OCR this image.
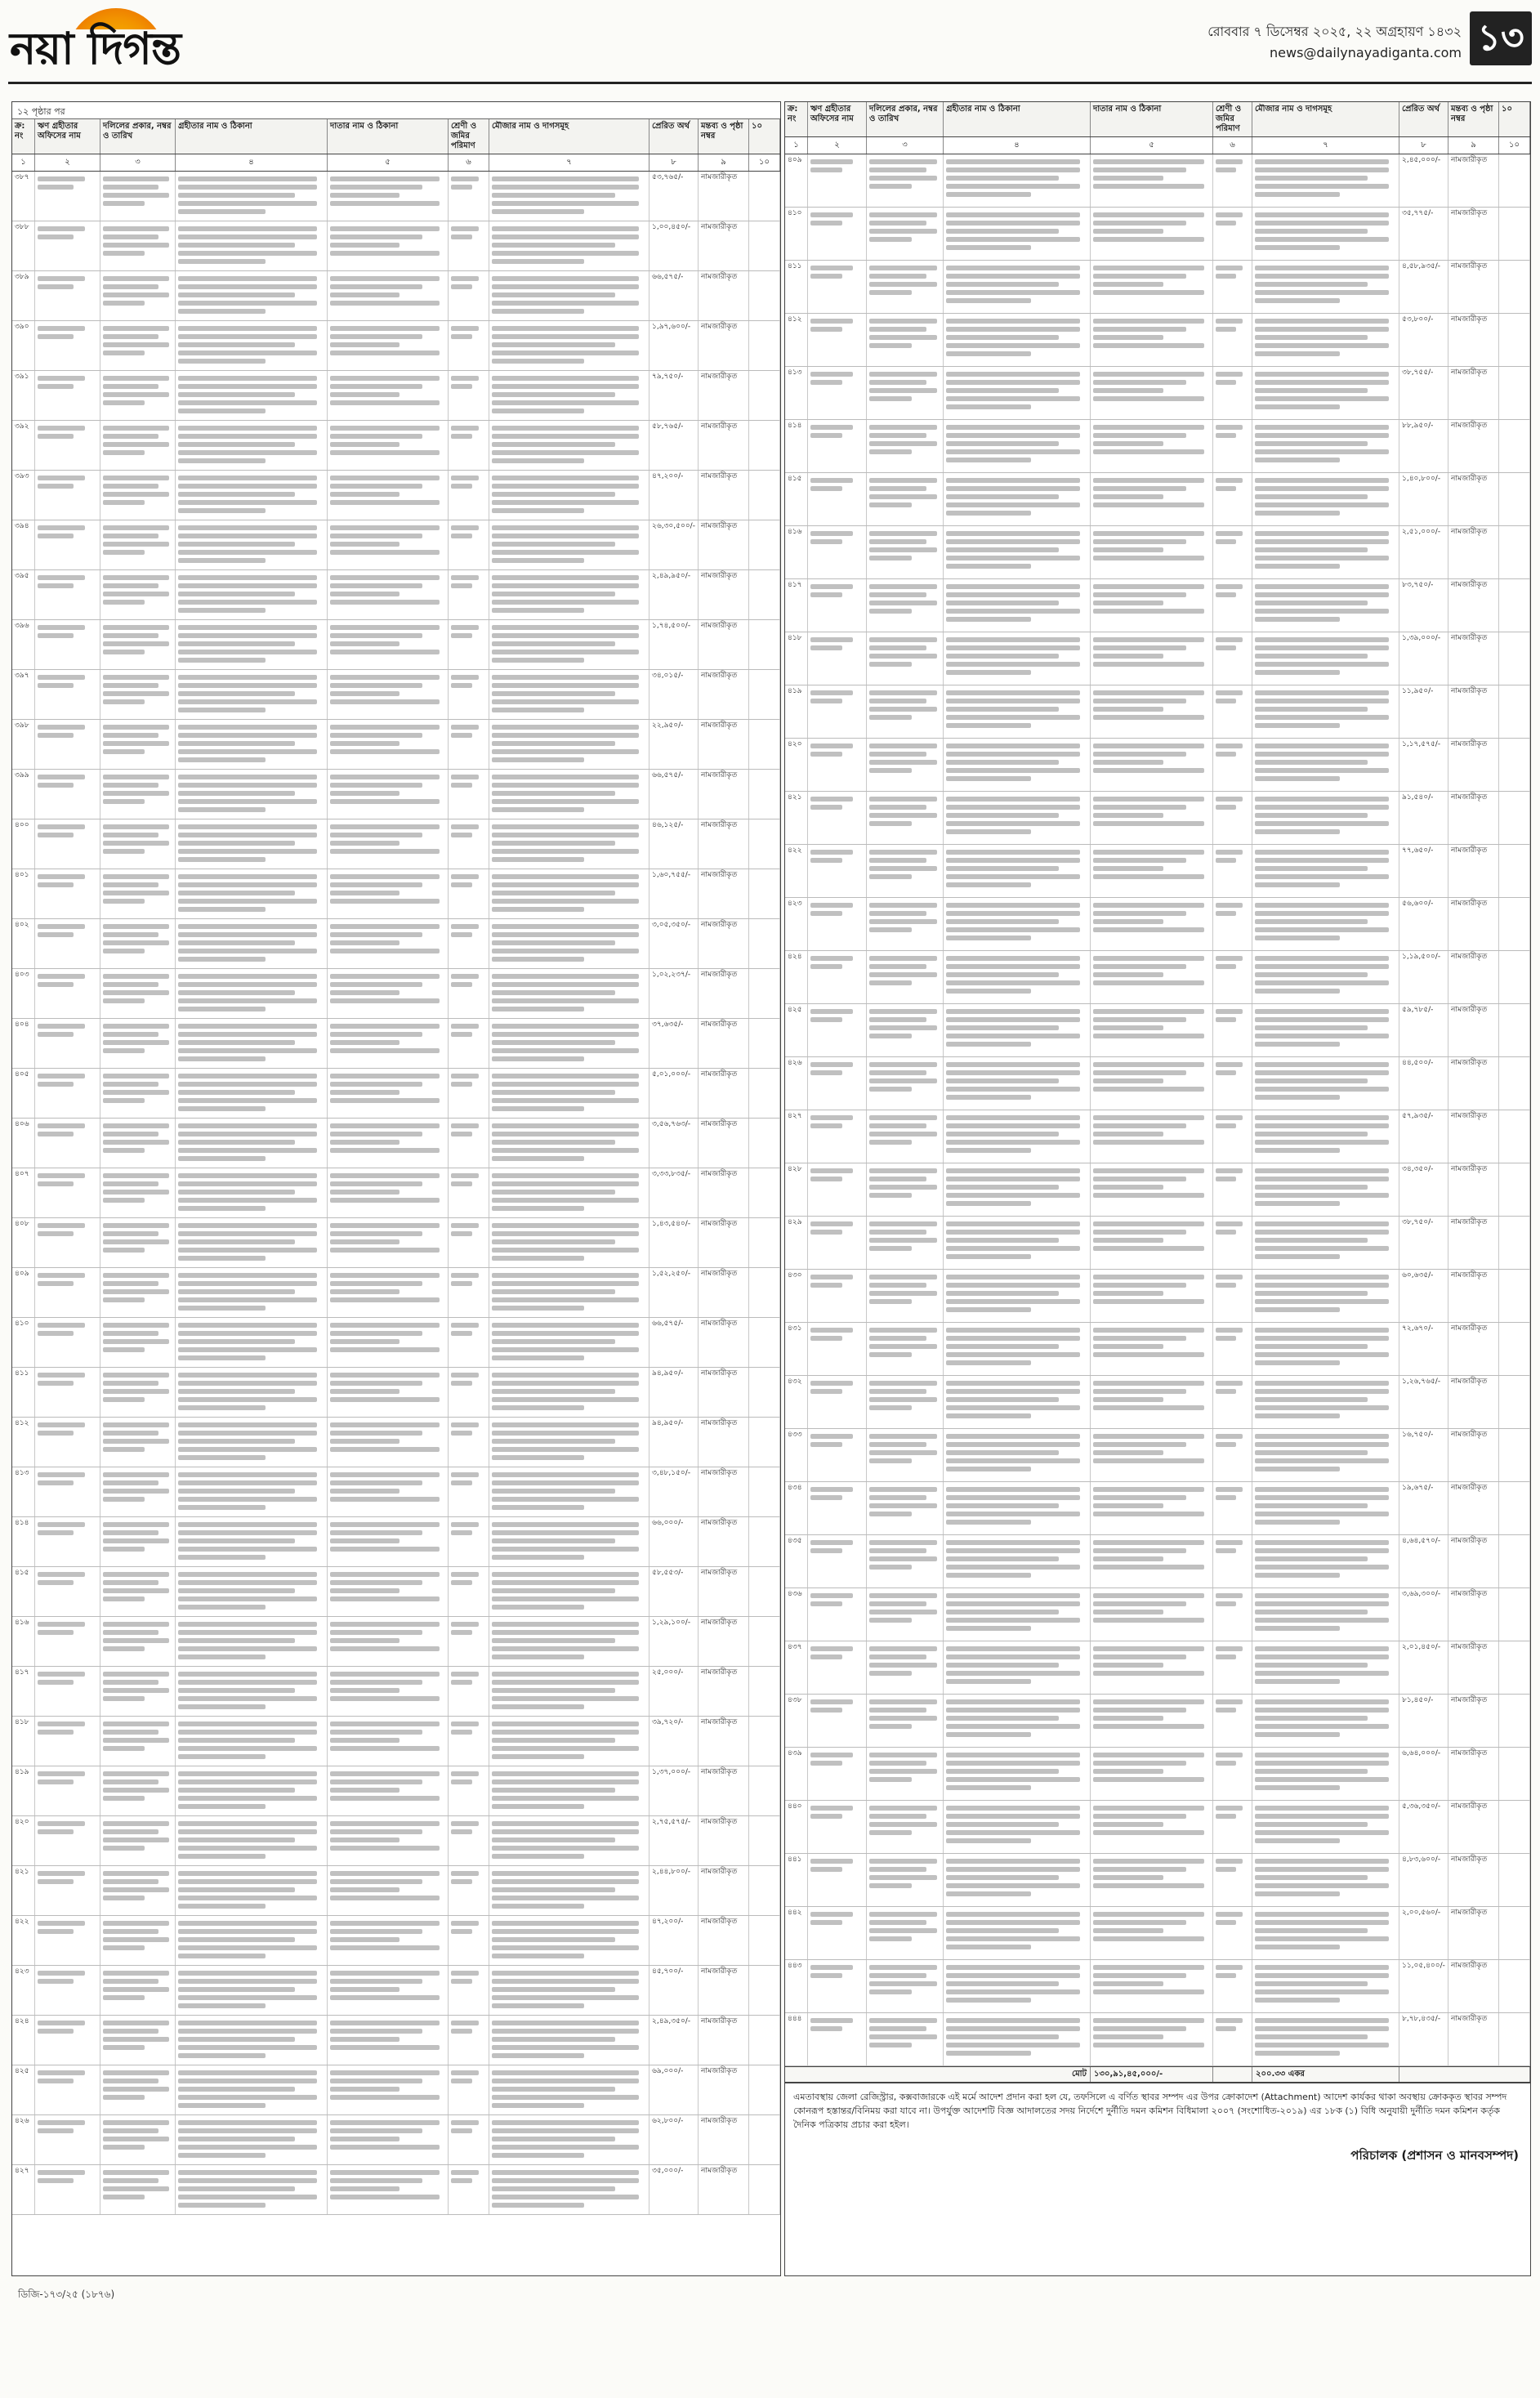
নয়া দিগন্ত	রোববার ৭ ডিসেম্বর ২০২৫, ২২ অগ্রহায়ণ ১৪৩২
news@dailynayadiganta.com ১৩
১২ পৃষ্ঠার পর
ক্র: নং
ঋণ গ্রহীতার অফিসের নাম
দলিলের প্রকার, নম্বর ও তারিখ
গ্রহীতার নাম ও ঠিকানা	দাতার নাম ও ঠিকানা	শ্রেণী ও জমির পরিমাণ
মৌজার নাম ও দাগসমূহ	প্রেরিত অর্থ	মন্তব্য ও পৃষ্ঠা নম্বর
১০
১	২	৩	৪	৫	৬	৭	৮	৯	১০
৩৮৭	৫৩,৭৬৫/-	নামজারীকৃত
৩৮৮	১,০০,৪৫০/-	নামজারীকৃত
৩৮৯	৬৬,৫৭৫/-	নামজারীকৃত
৩৯০	১,৯৭,৬০০/-	নামজারীকৃত
৩৯১	৭৯,৭৫০/-	নামজারীকৃত
৩৯২	৫৮,৭৬৫/-	নামজারীকৃত
৩৯৩	৪৭,২০০/-	নামজারীকৃত
৩৯৪	২৬,৩০,৫০০/- নামজারীকৃত
৩৯৫	২,৪৯,৯৫০/-	নামজারীকৃত
৩৯৬	১,৭৪,৫০০/-	নামজারীকৃত
৩৯৭	৩৪,০১৫/-	নামজারীকৃত
৩৯৮	২২,৯৫০/-	নামজারীকৃত
৩৯৯	৬৬,৫৭৫/-	নামজারীকৃত
৪০০	৪৬,১২৫/-	নামজারীকৃত
৪০১	১,৬০,৭৫৫/-	নামজারীকৃত
৪০২	৩,০৫,৩৫০/-	নামজারীকৃত
৪০৩	১,০২,২৩৭/-	নামজারীকৃত
৪০৪	৩৭,৬৩৫/-	নামজারীকৃত
৪০৫	৫,০১,০০০/-	নামজারীকৃত
৪০৬	৩,৫৬,৭৬৩/-	নামজারীকৃত
৪০৭	৩,৩৩,৮৩৫/-	নামজারীকৃত
৪০৮	১,৪৩,৫৪০/-	নামজারীকৃত
৪০৯	১,৫২,২৫০/-	নামজারীকৃত
৪১০	৬৬,৫৭৫/-	নামজারীকৃত
৪১১	৯৪,৯৫০/-	নামজারীকৃত
৪১২	৯৪,৯৫০/-	নামজারীকৃত
৪১৩	৩,৪৮,১৫০/-	নামজারীকৃত
৪১৪	৬৬,০০০/-	নামজারীকৃত
৪১৫	৫৮,৫৫৩/-	নামজারীকৃত
৪১৬	১,২৯,১০০/-	নামজারীকৃত
৪১৭	২৫,০০০/-	নামজারীকৃত
৪১৮	৩৯,৭২০/-	নামজারীকৃত
৪১৯	১,৩৭,০০০/-	নামজারীকৃত
৪২০	২,৭৫,৫৭৫/-	নামজারীকৃত
৪২১	২,৪৪,৮০০/-	নামজারীকৃত
৪২২	৪৭,২০০/-	নামজারীকৃত
৪২৩	৪৫,৭০০/-	নামজারীকৃত
৪২৪	২,৪৯,৩৫০/-	নামজারীকৃত
৪২৫	৬৯,০০০/-	নামজারীকৃত
৪২৬	৬২,৮০০/-	নামজারীকৃত
৪২৭	৩৫,০০০/-	নামজারীকৃত
ক্র: নং
ঋণ গ্রহীতার অফিসের নাম
দলিলের প্রকার, নম্বর ও তারিখ
গ্রহীতার নাম ও ঠিকানা	দাতার নাম ও ঠিকানা	শ্রেণী ও জমির পরিমাণ
মৌজার নাম ও দাগসমূহ	প্রেরিত অর্থ	মন্তব্য ও পৃষ্ঠা নম্বর
১০
১	২	৩	৪	৫	৬	৭	৮	৯	১০
৪০৯	২,৪৫,০০০/-	নামজারীকৃত
৪১০	৩৫,৭৭৫/-	নামজারীকৃত
৪১১	৪,৫৮,৯৩৫/-	নামজারীকৃত
৪১২	৫৩,৮০০/-	নামজারীকৃত
৪১৩	৩৮,৭৫৫/-	নামজারীকৃত
৪১৪	৮৮,৯৫০/-	নামজারীকৃত
৪১৫	১,৪০,৮০০/-	নামজারীকৃত
৪১৬	২,৫১,০০০/-	নামজারীকৃত
৪১৭	৮৩,৭৫০/-	নামজারীকৃত
৪১৮	১,৩৯,০০০/-	নামজারীকৃত
৪১৯	১১,৯৫০/-	নামজারীকৃত
৪২০	১,১৭,৫৭৫/-	নামজারীকৃত
৪২১	৯১,৫৪০/-	নামজারীকৃত
৪২২	৭৭,৬৫০/-	নামজারীকৃত
৪২৩	৫৬,৬০০/-	নামজারীকৃত
৪২৪	১,১৯,৫০০/-	নামজারীকৃত
৪২৫	৫৯,৭৮৫/-	নামজারীকৃত
৪২৬	৪৪,৫০০/-	নামজারীকৃত
৪২৭	৫৭,৯৩৫/-	নামজারীকৃত
৪২৮	৩৪,৩৫০/-	নামজারীকৃত
৪২৯	৩৮,৭৫০/-	নামজারীকৃত
৪৩০	৬০,৬৩৫/-	নামজারীকৃত
৪৩১	৭২,৬৭০/-	নামজারীকৃত
৪৩২	১,২৬,৭৬৫/-	নামজারীকৃত
৪৩৩	১৬,৭৫০/-	নামজারীকৃত
৪৩৪	১৯,৬৭৫/-	নামজারীকৃত
৪৩৫	৪,৬৪,৫৭০/-	নামজারীকৃত
৪৩৬	৩,৬৯,৩০০/-	নামজারীকৃত
৪৩৭	২,০১,৪৫০/-	নামজারীকৃত
৪৩৮	৮১,৪৫০/-	নামজারীকৃত
৪৩৯	৬,৬৪,০০০/-	নামজারীকৃত
৪৪০	৫,৩৬,৩৫০/-	নামজারীকৃত
৪৪১	৪,৮৩,৬০০/-	নামজারীকৃত
৪৪২	২,০০,৫৬০/-	নামজারীকৃত
৪৪৩	১১,০৫,৪০০/- নামজারীকৃত
৪৪৪	৮,৭৮,৪৩৫/-	নামজারীকৃত
মোট ১৩০,৯১,৪৫,০০০/-	২০০.৩৩ একর
এমতাবস্থায় জেলা রেজিস্ট্রার, কক্সবাজারকে এই মর্মে আদেশ প্রদান করা হল যে, তফসিলে এ বর্ণিত স্থাবর সম্পদ এর উপর ক্রোকাদেশ (Attachment) আদেশ কার্যকর থাকা অবস্থায় ক্রোককৃত স্থাবর সম্পদ কোনরূপ হস্তান্তর/বিনিময় করা যাবে না। উপর্যুক্ত আদেশটি বিজ্ঞ আদালতের সদয় নির্দেশে দুর্নীতি দমন কমিশন বিধিমালা ২০০৭ (সংশোধিত-২০১৯) এর ১৮ক (১) বিধি অনুযায়ী দুর্নীতি দমন কমিশন কর্তৃক দৈনিক পত্রিকায় প্রচার করা হইল।
পরিচালক (প্রশাসন ও মানবসম্পদ)
ডিজি-১৭৩/২৫ (১৮৭৬)
